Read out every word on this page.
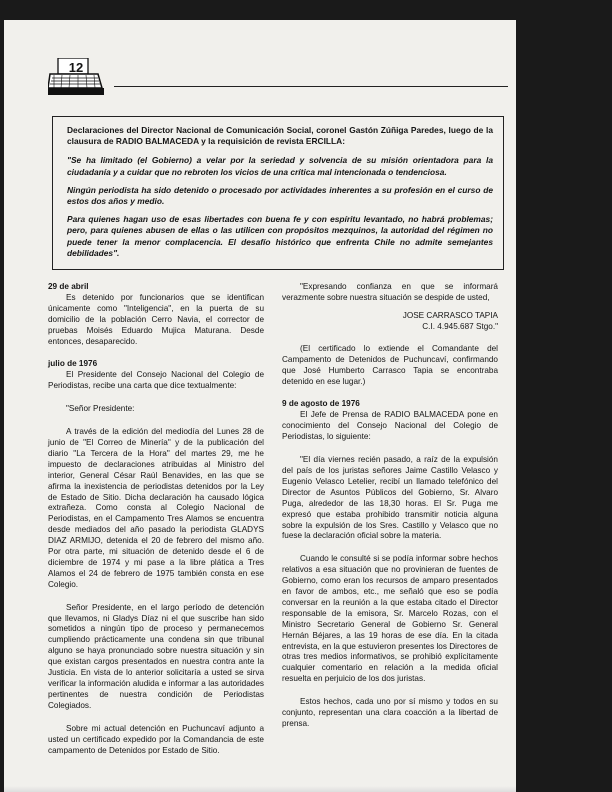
12

Declaraciones del Director Nacional de Comunicación Social, coronel Gastón Zúñiga Paredes, luego de la clausura de RADIO BALMACEDA y la requisición de revista ERCILLA:

"Se ha limitado (el Gobierno) a velar por la seriedad y solvencia de su misión orientadora para la ciudadanía y a cuidar que no rebroten los vicios de una crítica mal intencionada o tendenciosa.

Ningún periodista ha sido detenido o procesado por actividades inherentes a su profesión en el curso de estos dos años y medio.

Para quienes hagan uso de esas libertades con buena fe y con espíritu levantado, no habrá problemas; pero, para quienes abusen de ellas o las utilicen con propósitos mezquinos, la autoridad del régimen no puede tener la menor complacencia. El desafío histórico que enfrenta Chile no admite semejantes debilidades".

29 de abril

Es detenido por funcionarios que se identifican únicamente como "Inteligencia", en la puerta de su domicilio de la población Cerro Navia, el corrector de pruebas Moisés Eduardo Mujica Maturana. Desde entonces, desaparecido.

julio de 1976

El Presidente del Consejo Nacional del Colegio de Periodistas, recibe una carta que dice textualmente:

"Señor Presidente:

A través de la edición del mediodía del Lunes 28 de junio de "El Correo de Minería" y de la publicación del diario "La Tercera de la Hora" del martes 29, me he impuesto de declaraciones atribuidas al Ministro del interior, General César Raúl Benavides, en las que se afirma la inexistencia de periodistas detenidos por la Ley de Estado de Sitio. Dicha declaración ha causado lógica extrañeza. Como consta al Colegio Nacional de Periodistas, en el Campamento Tres Alamos se encuentra desde mediados del año pasado la periodista GLADYS DIAZ ARMIJO, detenida el 20 de febrero del mismo año. Por otra parte, mi situación de detenido desde el 6 de diciembre de 1974 y mi pase a la libre plática a Tres Alamos el 24 de febrero de 1975 también consta en ese Colegio.

Señor Presidente, en el largo período de detención que llevamos, ni Gladys Díaz ni el que suscribe han sido sometidos a ningún tipo de proceso y permanecemos cumpliendo prácticamente una condena sin que tribunal alguno se haya pronunciado sobre nuestra situación y sin que existan cargos presentados en nuestra contra ante la Justicia. En vista de lo anterior solicitaría a usted se sirva verificar la información aludida e informar a las autoridades pertinentes de nuestra condición de Periodistas Colegiados.

Sobre mi actual detención en Puchuncaví adjunto a usted un certificado expedido por la Comandancia de este campamento de Detenidos por Estado de Sitio.

"Expresando confianza en que se informará verazmente sobre nuestra situación se despide de usted,

JOSE CARRASCO TAPIA
C.I. 4.945.687 Stgo."

(El certificado lo extiende el Comandante del Campamento de Detenidos de Puchuncaví, confirmando que José Humberto Carrasco Tapia se encontraba detenido en ese lugar.)

9 de agosto de 1976

El Jefe de Prensa de RADIO BALMACEDA pone en conocimiento del Consejo Nacional del Colegio de Periodistas, lo siguiente:

"El día viernes recién pasado, a raíz de la expulsión del país de los juristas señores Jaime Castillo Velasco y Eugenio Velasco Letelier, recibí un llamado telefónico del Director de Asuntos Públicos del Gobierno, Sr. Alvaro Puga, alrededor de las 18,30 horas. El Sr. Puga me expresó que estaba prohibido transmitir noticia alguna sobre la expulsión de los Sres. Castillo y Velasco que no fuese la declaración oficial sobre la materia.

Cuando le consulté si se podía informar sobre hechos relativos a esa situación que no provinieran de fuentes de Gobierno, como eran los recursos de amparo presentados en favor de ambos, etc., me señaló que eso se podía conversar en la reunión a la que estaba citado el Director responsable de la emisora, Sr. Marcelo Rozas, con el Ministro Secretario General de Gobierno Sr. General Hernán Béjares, a las 19 horas de ese día. En la citada entrevista, en la que estuvieron presentes los Directores de otras tres medios informativos, se prohibió explícitamente cualquier comentario en relación a la medida oficial resuelta en perjuicio de los dos juristas.

Estos hechos, cada uno por sí mismo y todos en su conjunto, representan una clara coacción a la libertad de prensa.
